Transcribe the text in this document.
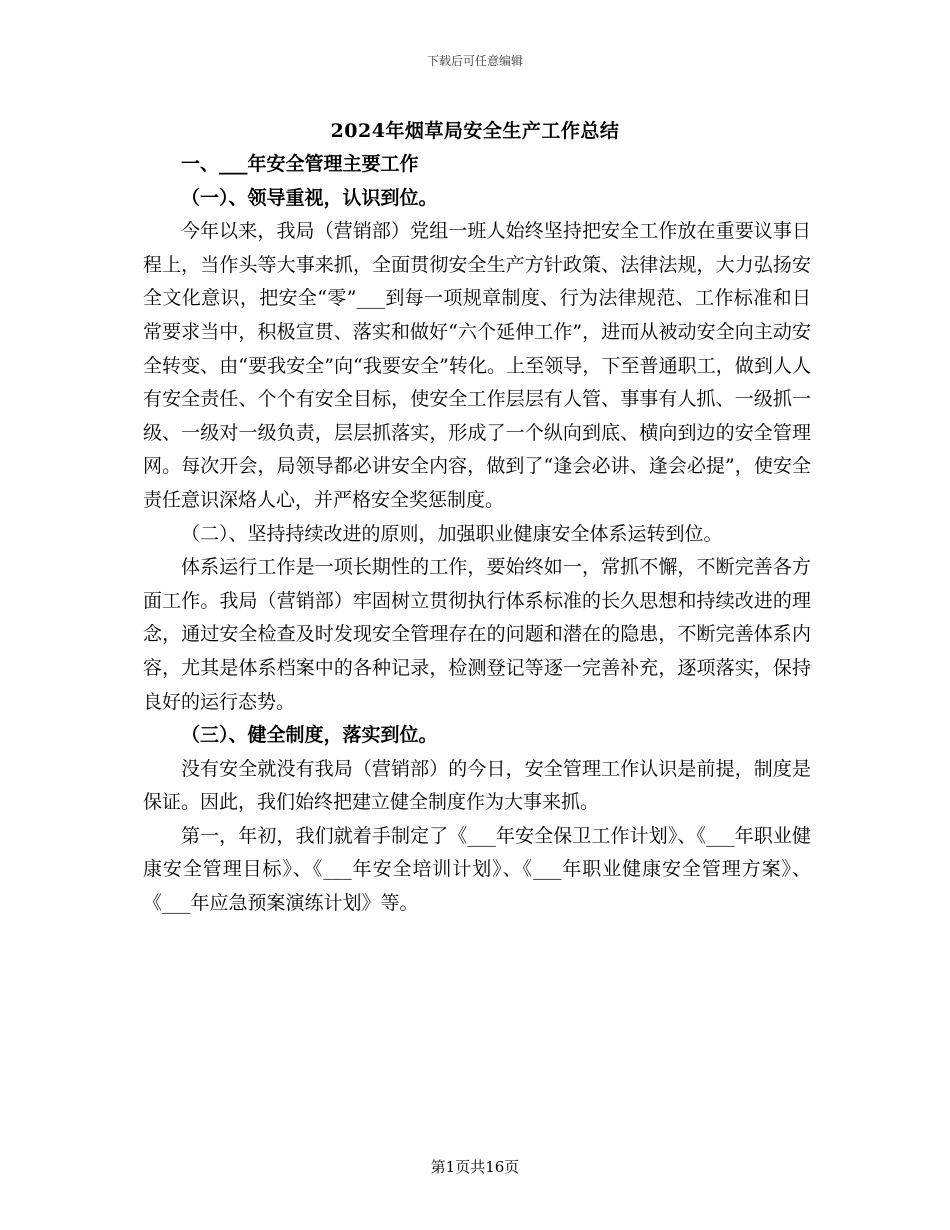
下载后可任意编辑
2024年烟草局安全生产工作总结

一、___年安全管理主要工作

（一）、领导重视，认识到位。

今年以来，我局（营销部）党组一班人始终坚持把安全工作放在重要议事日程上，当作头等大事来抓，全面贯彻安全生产方针政策、法律法规，大力弘扬安全文化意识，把安全“零”___到每一项规章制度、行为法律规范、工作标准和日常要求当中，积极宣贯、落实和做好“六个延伸工作”，进而从被动安全向主动安全转变、由“要我安全”向“我要安全”转化。上至领导，下至普通职工，做到人人有安全责任、个个有安全目标，使安全工作层层有人管、事事有人抓、一级抓一级、一级对一级负责，层层抓落实，形成了一个纵向到底、横向到边的安全管理网。每次开会，局领导都必讲安全内容，做到了“逢会必讲、逢会必提”，使安全责任意识深烙人心，并严格安全奖惩制度。

（二）、坚持持续改进的原则，加强职业健康安全体系运转到位。

体系运行工作是一项长期性的工作，要始终如一，常抓不懈，不断完善各方面工作。我局（营销部）牢固树立贯彻执行体系标准的长久思想和持续改进的理念，通过安全检查及时发现安全管理存在的问题和潜在的隐患，不断完善体系内容，尤其是体系档案中的各种记录，检测登记等逐一完善补充，逐项落实，保持良好的运行态势。

（三）、健全制度，落实到位。

没有安全就没有我局（营销部）的今日，安全管理工作认识是前提，制度是保证。因此，我们始终把建立健全制度作为大事来抓。

第一，年初，我们就着手制定了《___年安全保卫工作计划》、《___年职业健康安全管理目标》、《___年安全培训计划》、《___年职业健康安全管理方案》、《___年应急预案演练计划》等。

第1页共16页
